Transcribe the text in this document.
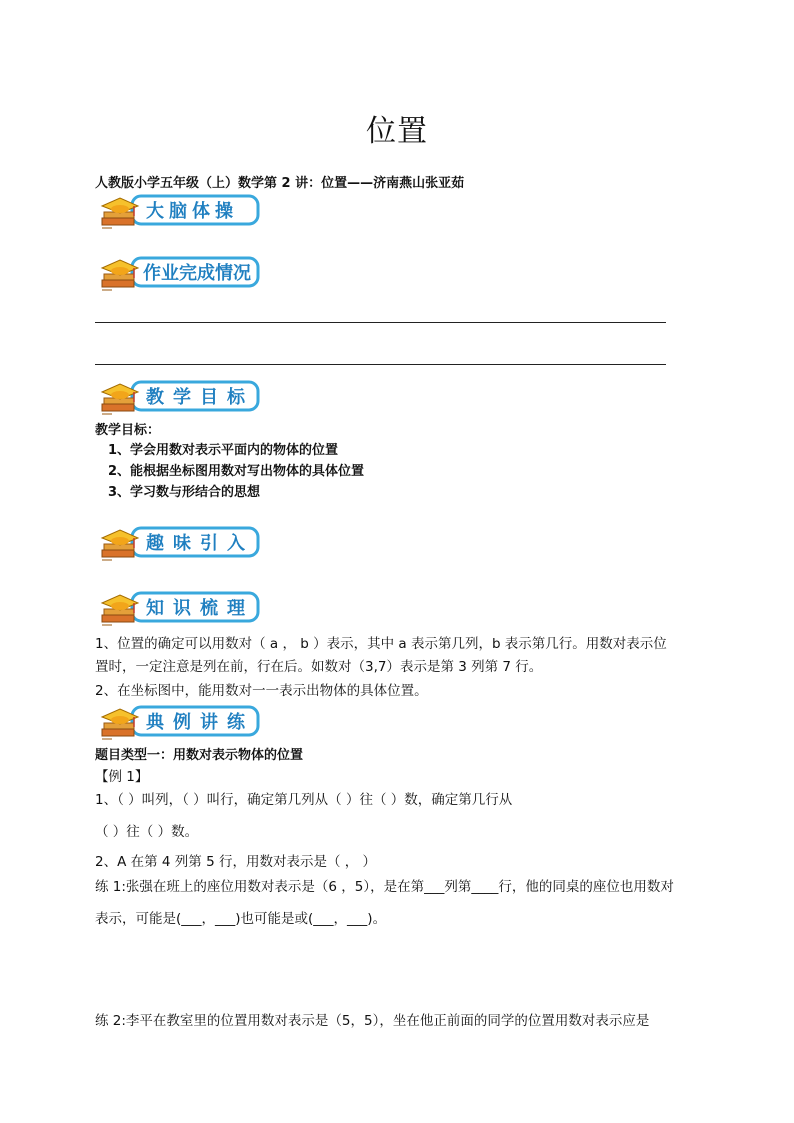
位置
人教版小学五年级（上）数学第 2 讲：位置——济南燕山张亚茹
大脑体操
作业完成情况
教学目标
教学目标：
1、学会用数对表示平面内的物体的位置
2、能根据坐标图用数对写出物体的具体位置
3、学习数与形结合的思想
趣味引入
知识梳理
1、位置的确定可以用数对（ a ， b ）表示，其中 a 表示第几列，b 表示第几行。用数对表示位
置时，一定注意是列在前，行在后。如数对（3,7）表示是第 3 列第 7 行。
2、在坐标图中，能用数对一一表示出物体的具体位置。
典例讲练
题目类型一：用数对表示物体的位置
【例 1】
1、（ ）叫列，（ ）叫行，确定第几列从（ ）往（ ）数，确定第几行从
（ ）往（ ）数。
2、A 在第 4 列第 5 行，用数对表示是（ ， ）
练 1:张强在班上的座位用数对表示是（6 ，5），是在第___列第____行，他的同桌的座位也用数对
表示，可能是(___，___)也可能是或(___，___)。
练 2:李平在教室里的位置用数对表示是（5，5），坐在他正前面的同学的位置用数对表示应是
